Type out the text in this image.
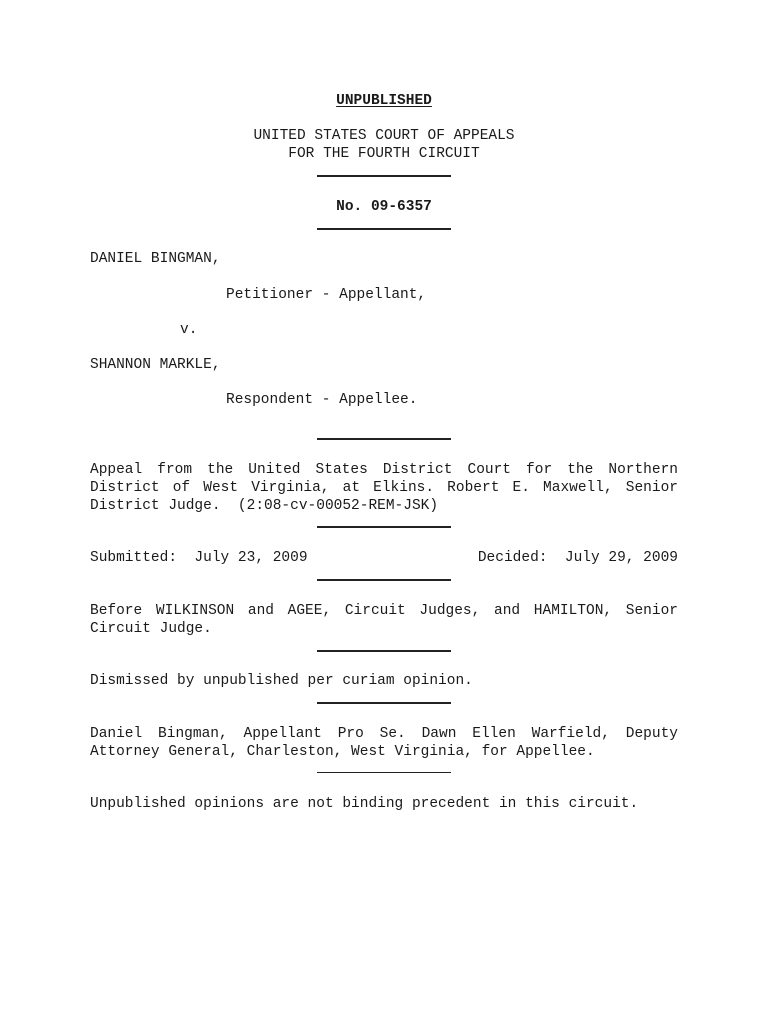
UNPUBLISHED
UNITED STATES COURT OF APPEALS
FOR THE FOURTH CIRCUIT
No. 09-6357
DANIEL BINGMAN,
Petitioner - Appellant,
v.
SHANNON MARKLE,
Respondent - Appellee.
Appeal from the United States District Court for the Northern
District of West Virginia, at Elkins. Robert E. Maxwell, Senior
District Judge.  (2:08-cv-00052-REM-JSK)
Submitted:  July 23, 2009	Decided:  July 29, 2009
Before WILKINSON and AGEE, Circuit Judges, and HAMILTON, Senior
Circuit Judge.
Dismissed by unpublished per curiam opinion.
Daniel Bingman, Appellant Pro Se. Dawn Ellen Warfield, Deputy
Attorney General, Charleston, West Virginia, for Appellee.
Unpublished opinions are not binding precedent in this circuit.
